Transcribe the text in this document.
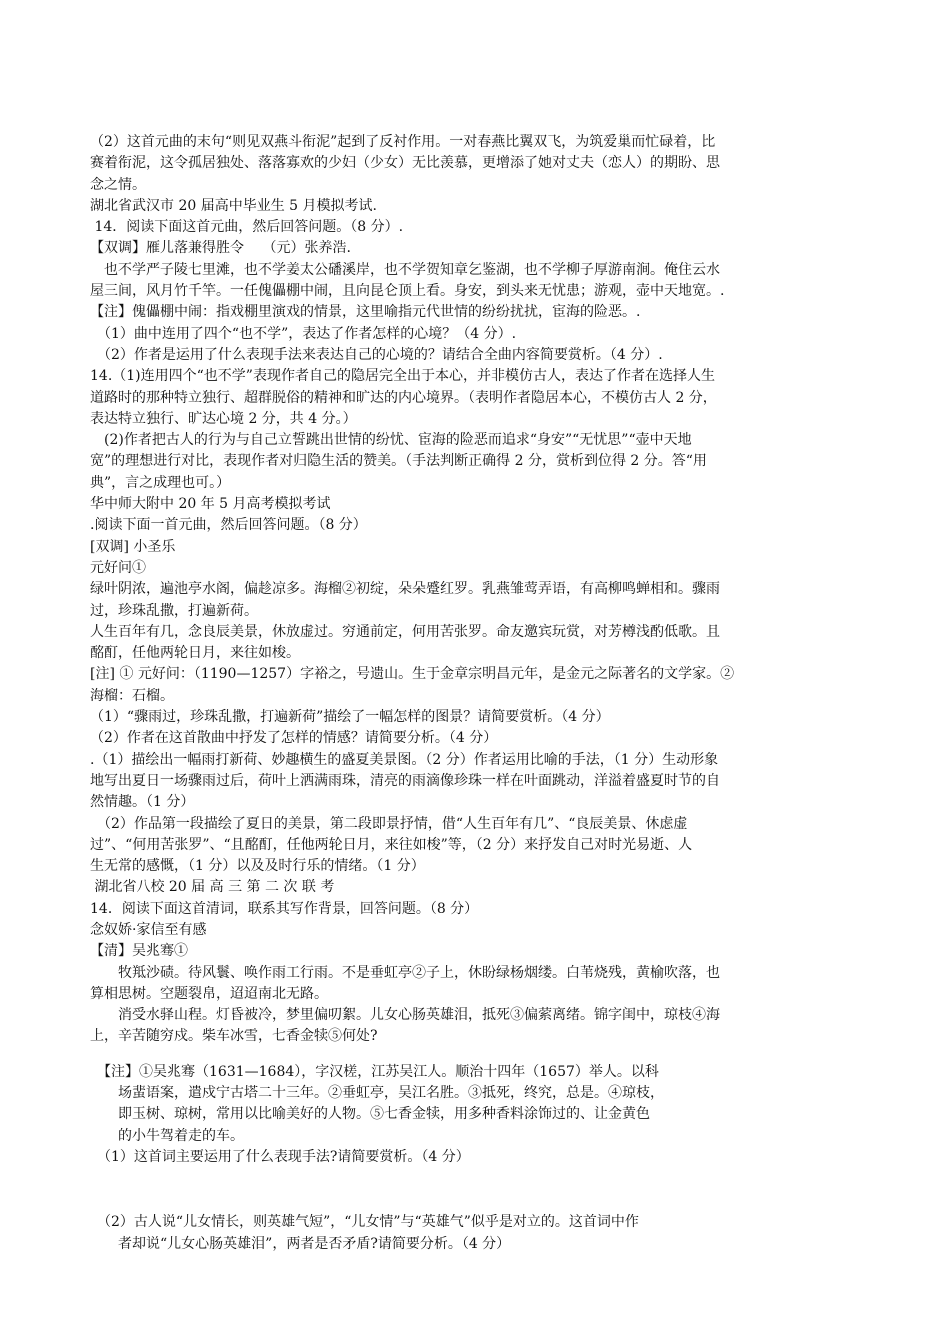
（2）这首元曲的末句“则见双燕斗衔泥”起到了反衬作用。一对春燕比翼双飞，为筑爱巢而忙碌着，比
赛着衔泥，这令孤居独处、落落寡欢的少妇（少女）无比羡慕，更增添了她对丈夫（恋人）的期盼、思
念之情。
湖北省武汉市 20 届高中毕业生 5 月模拟考试.
14．阅读下面这首元曲，然后回答问题。（8 分）.
【双调】雁儿落兼得胜令　 （元）张养浩.
　也不学严子陵七里滩，也不学姜太公磻溪岸，也不学贺知章乞鉴湖，也不学柳子厚游南涧。俺住云水
屋三间，风月竹千竿。一任傀儡棚中闹，且向昆仑顶上看。身安，到头来无忧患；游观，壶中天地宽。.
【注】傀儡棚中闹：指戏棚里演戏的情景，这里喻指元代世情的纷纷扰扰，宦海的险恶。.
　（1）曲中连用了四个“也不学”，表达了作者怎样的心境？（4 分）.
　（2）作者是运用了什么表现手法来表达自己的心境的？请结合全曲内容简要赏析。（4 分）.
14.（1)连用四个“也不学”表现作者自己的隐居完全出于本心，并非模仿古人，表达了作者在选择人生
道路时的那种特立独行、超群脱俗的精神和旷达的内心境界。（表明作者隐居本心，不模仿古人 2 分，
表达特立独行、旷达心境 2 分，共 4 分。）
　(2)作者把古人的行为与自己立誓跳出世情的纷忧、宦海的险恶而追求“身安”“无忧思”“壶中天地
宽”的理想进行对比，表现作者对归隐生活的赞美。（手法判断正确得 2 分，赏析到位得 2 分。答“用
典”，言之成理也可。）
华中师大附中 20 年 5 月高考模拟考试
.阅读下面一首元曲，然后回答问题。（8 分）
[双调] 小圣乐
元好问①
绿叶阴浓，遍池亭水阁，偏趁凉多。海榴②初绽，朵朵蹙红罗。乳燕雏莺弄语，有高柳鸣蝉相和。骤雨
过，珍珠乱撒，打遍新荷。
人生百年有几，念良辰美景，休放虚过。穷通前定，何用苦张罗。命友邀宾玩赏，对芳樽浅酌低歌。且
酩酊，任他两轮日月，来往如梭。
[注] ① 元好问：（1190—1257）字裕之，号遗山。生于金章宗明昌元年，是金元之际著名的文学家。②
海榴：石榴。
（1）“骤雨过，珍珠乱撒，打遍新荷”描绘了一幅怎样的图景？请简要赏析。（4 分）
（2）作者在这首散曲中抒发了怎样的情感？请简要分析。（4 分）
.（1）描绘出一幅雨打新荷、妙趣横生的盛夏美景图。（2 分）作者运用比喻的手法，（1 分）生动形象
地写出夏日一场骤雨过后，荷叶上洒满雨珠，清亮的雨滴像珍珠一样在叶面跳动，洋溢着盛夏时节的自
然情趣。（1 分）
　（2）作品第一段描绘了夏日的美景，第二段即景抒情，借“人生百年有几”、“良辰美景、休虑虚
过”、“何用苦张罗”、“且酩酊，任他两轮日月，来往如梭”等，（2 分）来抒发自己对时光易逝、人
生无常的感慨，（1 分）以及及时行乐的情绪。（1 分）
湖北省八校 20 届 高 三 第 二 次 联 考
14．阅读下面这首清词，联系其写作背景，回答问题。（8 分）
念奴娇·家信至有感
【清】吴兆骞①
　　牧羝沙碛。待风鬟、唤作雨工行雨。不是垂虹亭②子上，休盼绿杨烟缕。白苇烧残，黄榆吹落，也
算相思树。空题裂帛，迢迢南北无路。
　　消受水驿山程。灯昏被冷，梦里偏叨絮。儿女心肠英雄泪，抵死③偏萦离绪。锦字闺中，琼枝④海
上，辛苦随穷戍。柴车冰雪，七香金犊⑤何处?
　【注】①吴兆骞（1631—1684），字汉槎，江苏吴江人。顺治十四年（1657）举人。以科
　　场蜚语案，遣戍宁古塔二十三年。②垂虹亭，吴江名胜。③抵死，终究，总是。④琼枝，
　　即玉树、琼树，常用以比喻美好的人物。⑤七香金犊，用多种香料涂饰过的、让金黄色
　　的小牛驾着走的车。
　（1）这首词主要运用了什么表现手法?请简要赏析。（4 分）
　（2）古人说“儿女情长，则英雄气短”，“儿女情”与“英雄气”似乎是对立的。这首词中作
　　者却说“儿女心肠英雄泪”，两者是否矛盾?请简要分析。（4 分）
